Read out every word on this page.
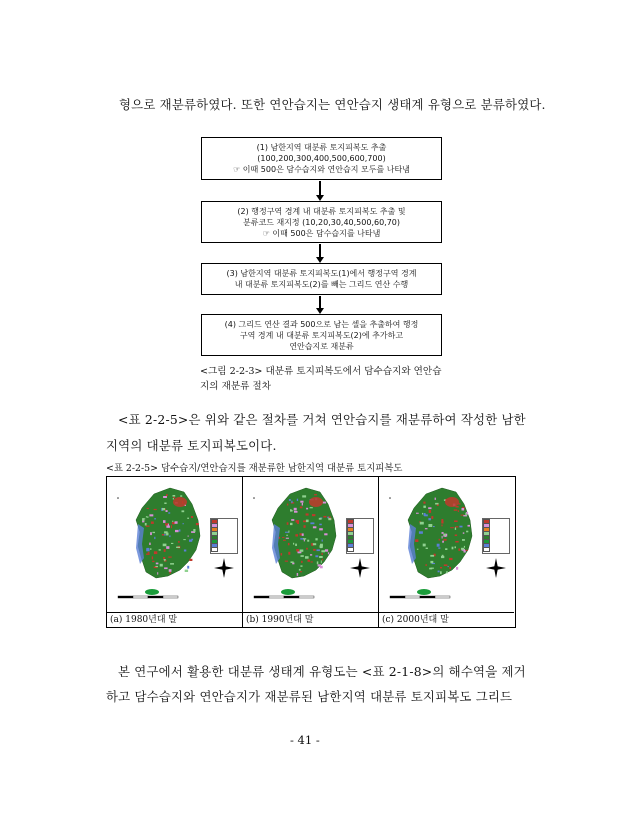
형으로 재분류하였다. 또한 연안습지는 연안습지 생태계 유형으로 분류하였다.
(1) 남한지역 대분류 토지피복도 추출
(100,200,300,400,500,600,700)
☞ 이때 500은 담수습지와 연안습지 모두를 나타냄
(2) 행정구역 경계 내 대분류 토지피복도 추출 및
분류코드 재지정 (10,20,30,40,500,60,70)
☞ 이때 500은 담수습지를 나타냄
(3) 남한지역 대분류 토지피복도(1)에서 행정구역 경계
내 대분류 토지피복도(2)를 빼는 그리드 연산 수행
(4) 그리드 연산 결과 500으로 남는 셀을 추출하여 행정
구역 경계 내 대분류 토지피복도(2)에 추가하고
연안습지로 재분류
<그림 2-2-3> 대분류 토지피복도에서 담수습지와 연안습
지의 재분류 절차
<표 2-2-5>은 위와 같은 절차를 거쳐 연안습지를 재분류하여 작성한 남한
지역의 대분류 토지피복도이다.
<표 2-2-5> 담수습지/연안습지를 재분류한 남한지역 대분류 토지피복도
(a) 1980년대 말	(b) 1990년대 말	(c) 2000년대 말
본 연구에서 활용한 대분류 생태계 유형도는 <표 2-1-8>의 해수역을 제거
하고 담수습지와 연안습지가 재분류된 남한지역 대분류 토지피복도 그리드
- 41 -
